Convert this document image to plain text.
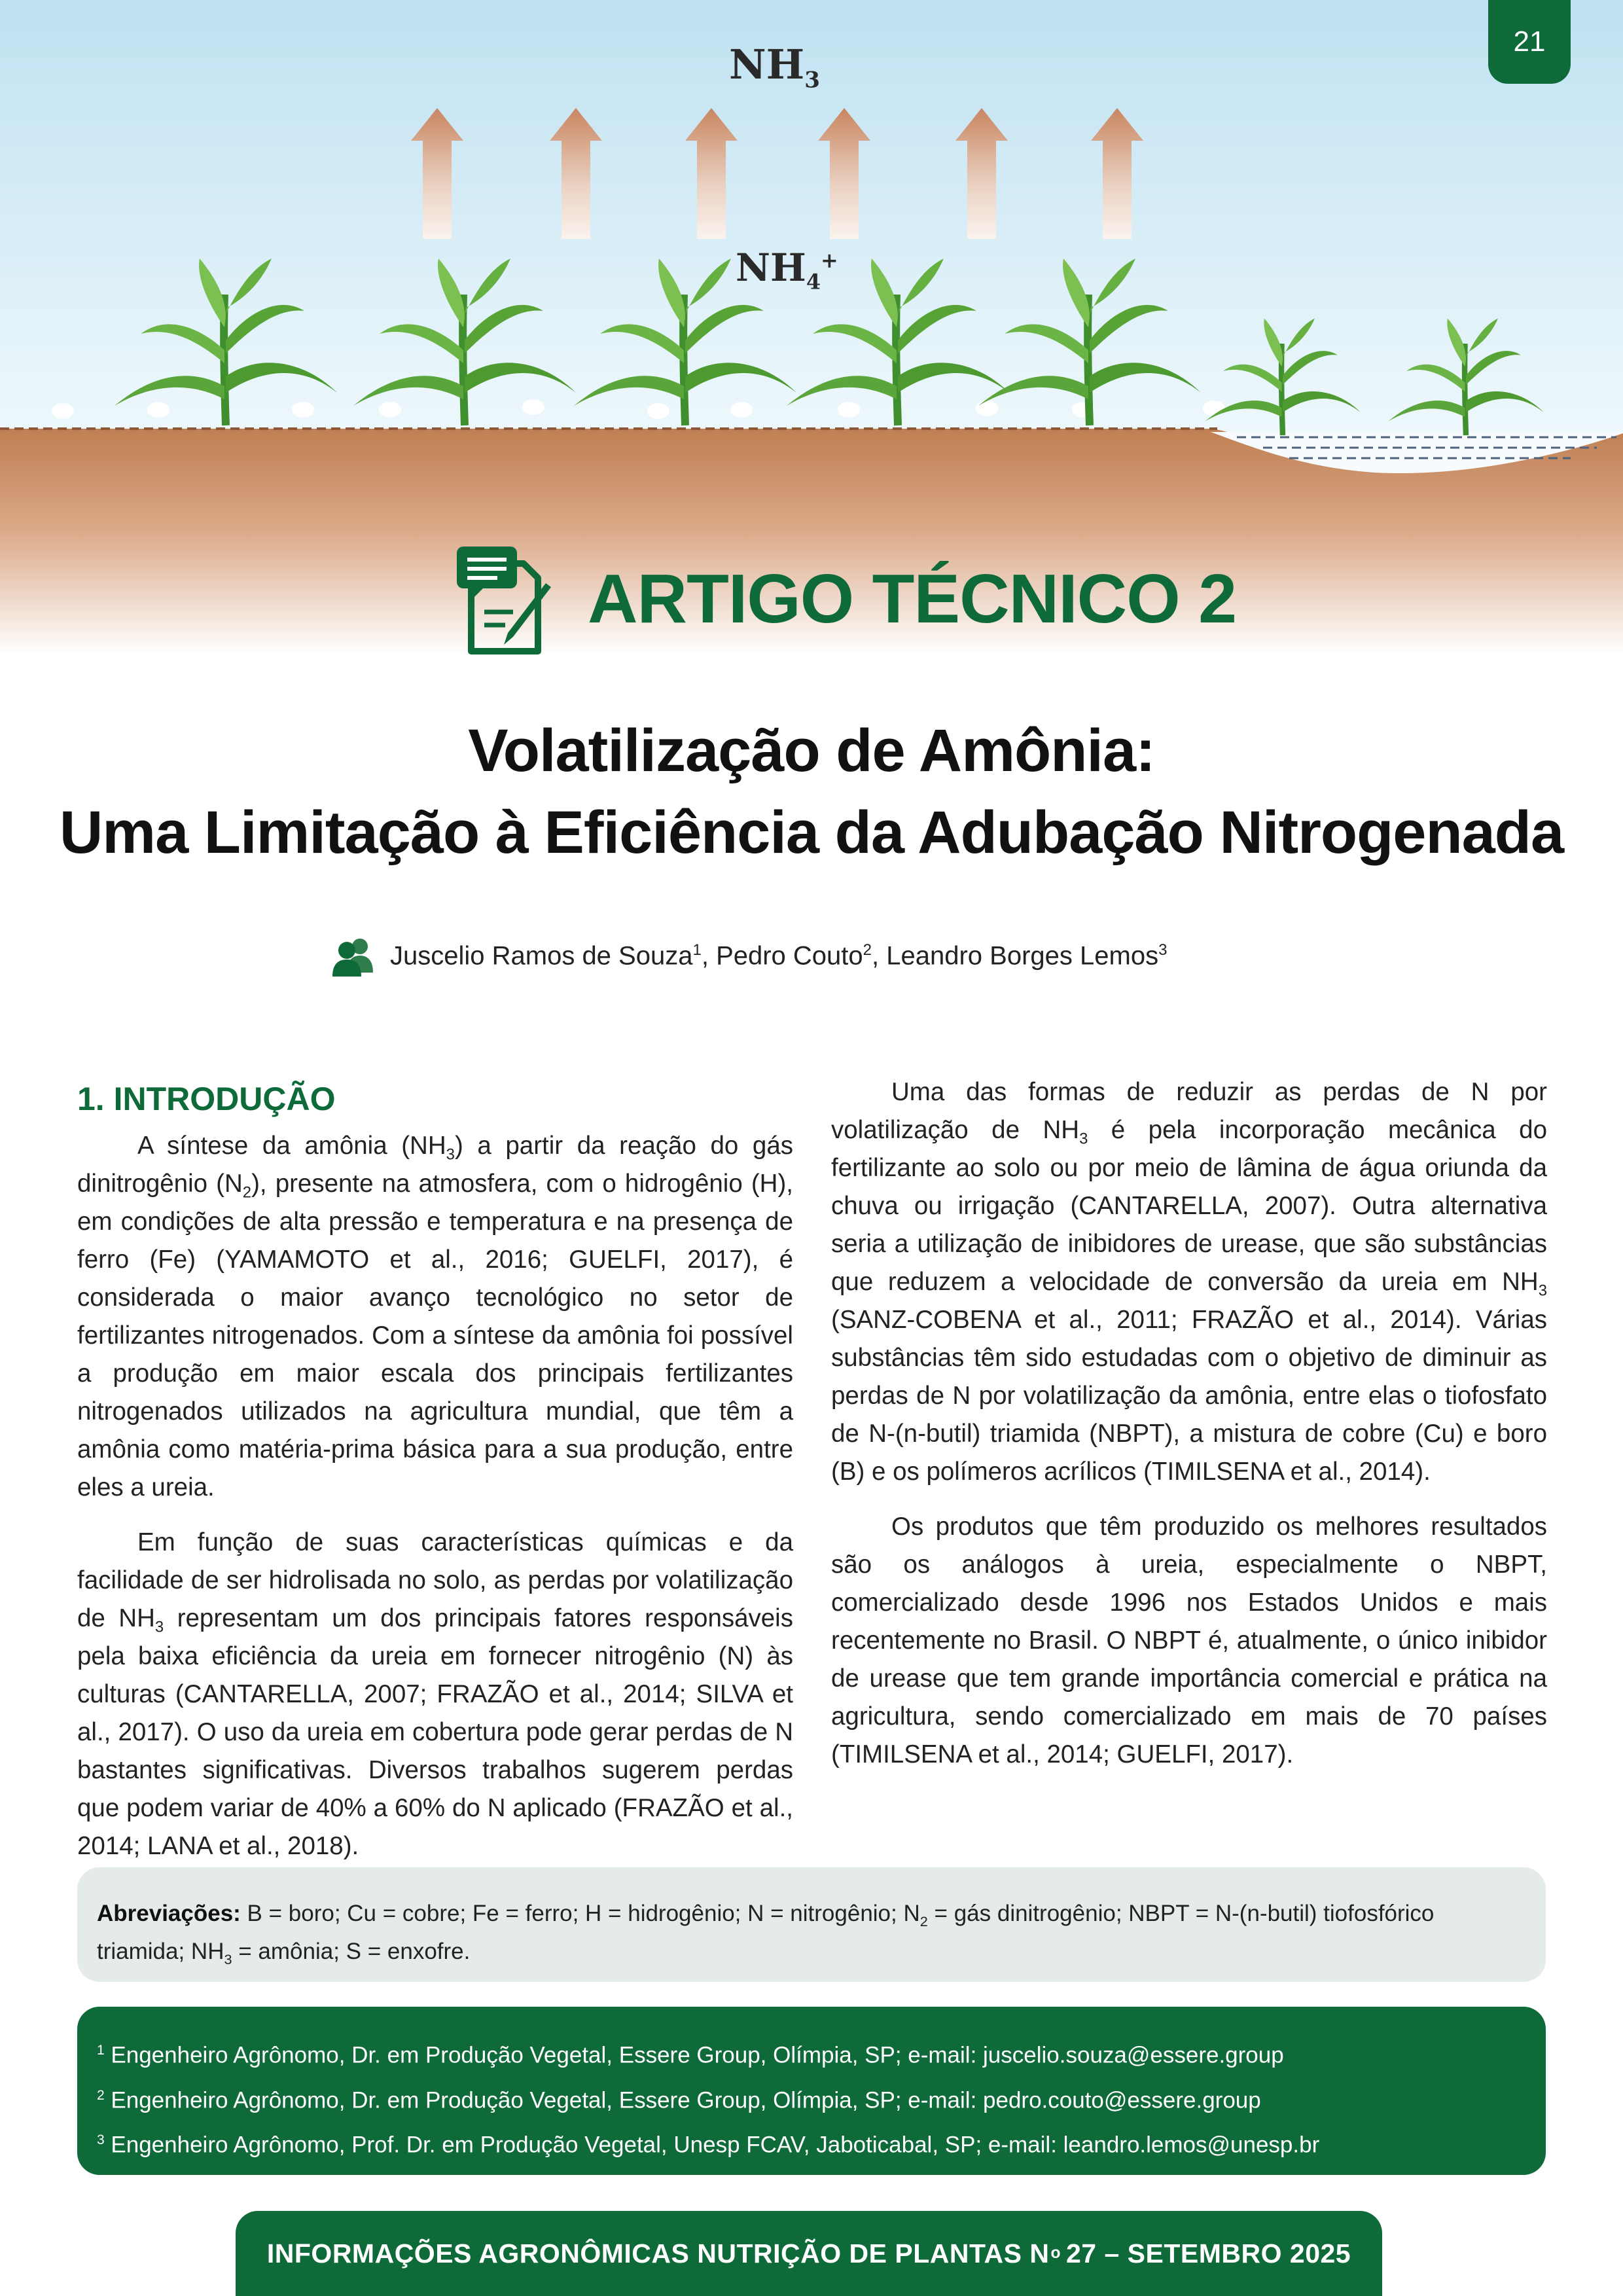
$NH_3$
$NH_4^+$
21
ARTIGO TÉCNICO 2
Volatilização de Amônia:
Uma Limitação à Eficiência da Adubação Nitrogenada
Juscelio Ramos de Souza$^1$, Pedro Couto$^2$, Leandro Borges Lemos$^3$
1. INTRODUÇÃO

A síntese da amônia $(NH_3)$ a partir da reação do gás dinitrogênio $(N_2)$, presente na atmosfera, com o hidrogênio (H), em condições de alta pressão e temperatura e na presença de ferro (Fe) (YAMAMOTO et al., 2016; GUELFI, 2017), é considerada o maior avanço tecnológico no setor de fertilizantes nitrogenados. Com a síntese da amônia foi possível a produção em maior escala dos principais fertilizantes nitrogenados utilizados na agricultura mundial, que têm a amônia como matéria-prima básica para a sua produção, entre eles a ureia.

Em função de suas características químicas e da facilidade de ser hidrolisada no solo, as perdas por volatilização de $NH_3$ representam um dos principais fatores responsáveis pela baixa eficiência da ureia em fornecer nitrogênio (N) às culturas (CANTARELLA, 2007; FRAZÃO et al., 2014; SILVA et al., 2017). O uso da ureia em cobertura pode gerar perdas de N bastantes significativas. Diversos trabalhos sugerem perdas que podem variar de 40% a 60% do N aplicado (FRAZÃO et al., 2014; LANA et al., 2018).

Uma das formas de reduzir as perdas de N por volatilização de $NH_3$ é pela incorporação mecânica do fertilizante ao solo ou por meio de lâmina de água oriunda da chuva ou irrigação (CANTARELLA, 2007). Outra alternativa seria a utilização de inibidores de urease, que são substâncias que reduzem a velocidade de conversão da ureia em $NH_3$ (SANZ-COBENA et al., 2011; FRAZÃO et al., 2014). Várias substâncias têm sido estudadas com o objetivo de diminuir as perdas de N por volatilização da amônia, entre elas o tiofosfato de N-(n-butil) triamida (NBPT), a mistura de cobre (Cu) e boro (B) e os polímeros acrílicos (TIMILSENA et al., 2014).

Os produtos que têm produzido os melhores resultados são os análogos à ureia, especialmente o NBPT, comercializado desde 1996 nos Estados Unidos e mais recentemente no Brasil. O NBPT é, atualmente, o único inibidor de urease que tem grande importância comercial e prática na agricultura, sendo comercializado em mais de 70 países (TIMILSENA et al., 2014; GUELFI, 2017).

Abreviações: B = boro; Cu = cobre; Fe = ferro; H = hidrogênio; N = nitrogênio; $N_2$ = gás dinitrogênio; NBPT = N-(n-butil) tiofosfórico triamida; $NH_3$ = amônia; S = enxofre.
$^1$ Engenheiro Agrônomo, Dr. em Produção Vegetal, Essere Group, Olímpia, SP; e-mail: juscelio.souza@essere.group
$^2$ Engenheiro Agrônomo, Dr. em Produção Vegetal, Essere Group, Olímpia, SP; e-mail: pedro.couto@essere.group
$^3$ Engenheiro Agrônomo, Prof. Dr. em Produção Vegetal, Unesp FCAV, Jaboticabal, SP; e-mail: leandro.lemos@unesp.br
INFORMAÇÕES AGRONÔMICAS NUTRIÇÃO DE PLANTAS N o 27 – SETEMBRO 2025
